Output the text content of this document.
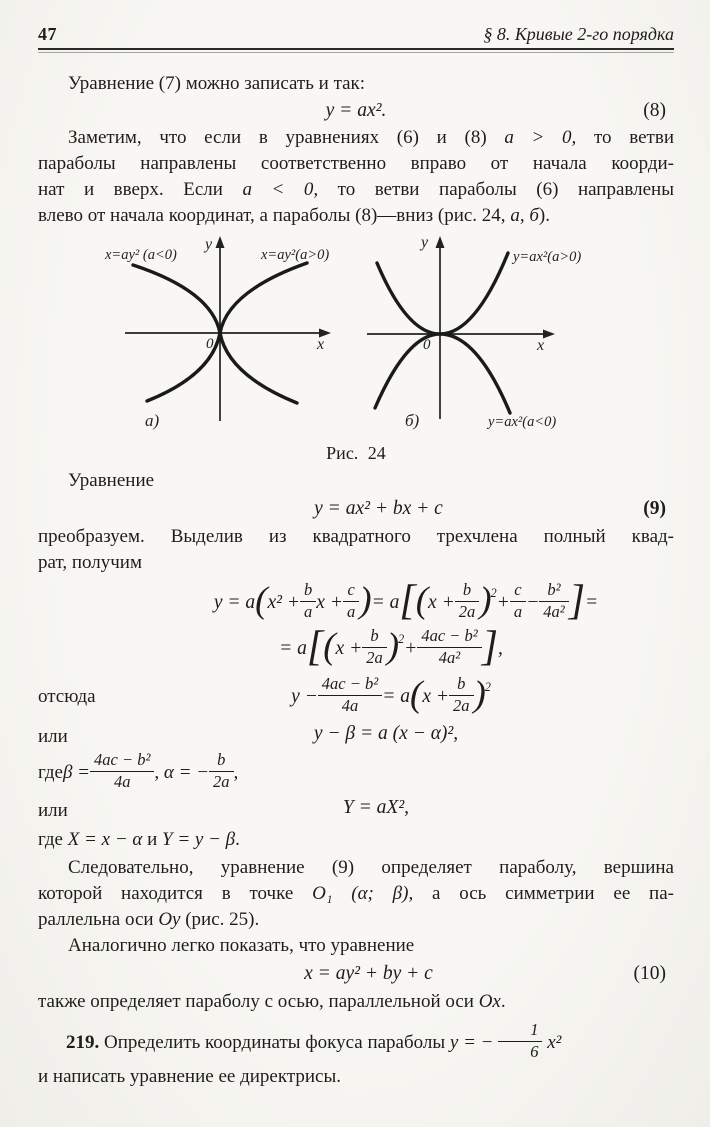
47	§ 8. Кривые 2-го порядка
Уравнение (7) можно записать и так:
y = ax².	(8)
Заметим, что если в уравнениях (6) и (8) a > 0, то ветви
параболы направлены соответственно вправо от начала коорди-
нат и вверх. Если a < 0, то ветви параболы (6) направлены
влево от начала координат, а параболы (8)—вниз (рис. 24, а, б).
y
x
0
x=ay² (a<0)	x=ay²(a>0)
а)
y
x
0
y=ax²(a>0)
y=ax²(a<0)
б)
Рис. 24
Уравнение
y = ax² + bx + c	(9)
преобразуем. Выделив из квадратного трехчлена полный квад-
рат, получим
y = a ( $x^2 + \frac{b}{a}$ $x + \frac{c}{a}$ ) = a [ ( $x + \frac{b}{2a} )^2 + \frac{c}{a} - \frac{\text{b²}}{\text{4a²}}$ ] =
= a [ ( $x + \frac{b}{2a} )^2 + \frac{\text{4ac − b²}}{\text{4a²}}$ ] ,
отсюда	$y - \frac{\text{4ac − b²}}{4a} = a$ ( $x + \frac{b}{2a} )^2$
или	y − β = a (x − α)²,
где $\beta = \frac{\text{4ac − b²}}{4a}$ , α = − $\frac{b}{2a}$ ,
или	Y = aX²,
где X = x − α и Y = y − β.
Следовательно, уравнение (9) определяет параболу, вершина
которой находится в точке O₁ (α; β), а ось симметрии ее па-
раллельна оси Oy (рис. 25).
Аналогично легко показать, что уравнение
x = ay² + by + c	(10)
также определяет параболу с осью, параллельной оси Ox.
219. Определить координаты фокуса параболы y = − $\frac{1}{6} x^2$
и написать уравнение ее директрисы.
